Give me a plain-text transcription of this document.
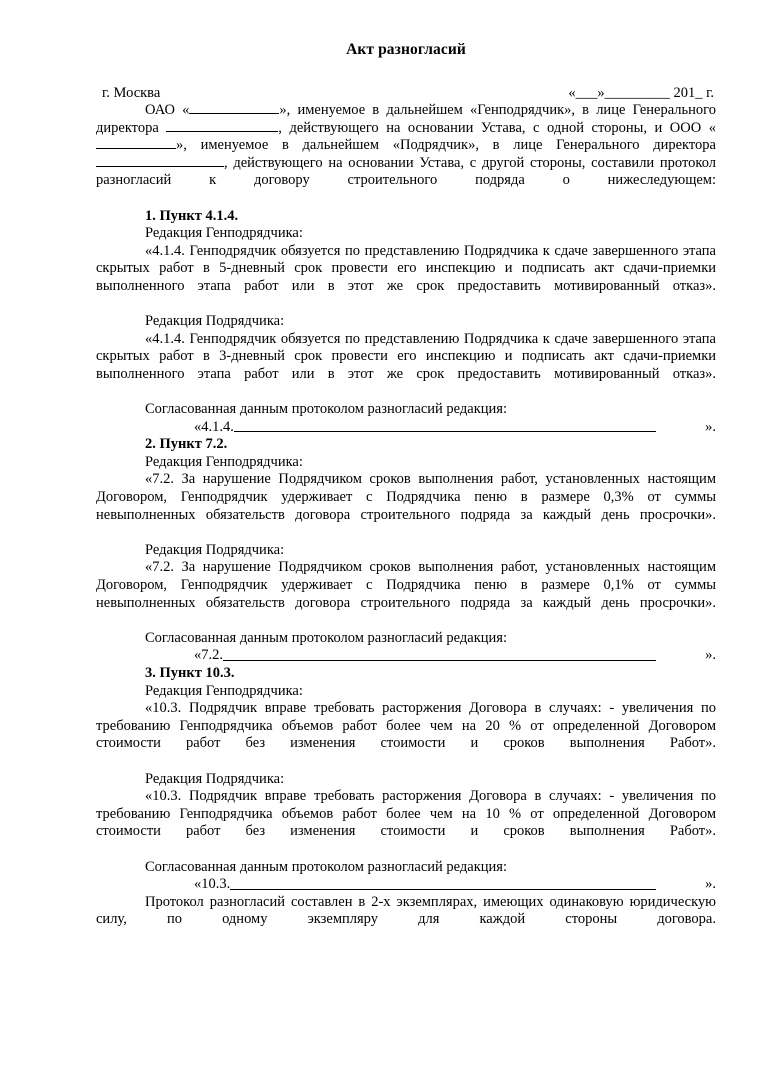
Акт разногласий
г. Москва	«___»_________ 201_ г.

ОАО «	», именуемое в дальнейшем «Генподрядчик», в лице Генерального директора	, действующего на основании Устава, с одной стороны, и ООО «», именуемое в дальнейшем «Подрядчик», в лице Генерального директора , действующего на основании Устава, с другой стороны, составили протокол разногласий к договору строительного подряда о нижеследующем:

1. Пункт 4.1.4.

Редакция Генподрядчика:

«4.1.4. Генподрядчик обязуется по представлению Подрядчика к сдаче завершенного этапа скрытых работ в 5-дневный срок провести его инспекцию и подписать акт сдачи-приемки выполненного этапа работ или в этот же срок предоставить мотивированный отказ».

Редакция Подрядчика:

«4.1.4. Генподрядчик обязуется по представлению Подрядчика к сдаче завершенного этапа скрытых работ в 3-дневный срок провести его инспекцию и подписать акт сдачи-приемки выполненного этапа работ или в этот же срок предоставить мотивированный отказ».

Согласованная данным протоколом разногласий редакция:

«4.1.4.	».

2. Пункт 7.2.

Редакция Генподрядчика:

«7.2. За нарушение Подрядчиком сроков выполнения работ, установленных настоящим Договором, Генподрядчик удерживает с Подрядчика пеню в размере 0,3% от суммы невыполненных обязательств договора строительного подряда за каждый день просрочки».

Редакция Подрядчика:

«7.2. За нарушение Подрядчиком сроков выполнения работ, установленных настоящим Договором, Генподрядчик удерживает с Подрядчика пеню в размере 0,1% от суммы невыполненных обязательств договора строительного подряда за каждый день просрочки».

Согласованная данным протоколом разногласий редакция:

«7.2.	».

3. Пункт 10.3.

Редакция Генподрядчика:

«10.3. Подрядчик вправе требовать расторжения Договора в случаях: - увеличения по требованию Генподрядчика объемов работ более чем на 20 % от определенной Договором стоимости работ без изменения стоимости и сроков выполнения Работ».

Редакция Подрядчика:

«10.3. Подрядчик вправе требовать расторжения Договора в случаях: - увеличения по требованию Генподрядчика объемов работ более чем на 10 % от определенной Договором стоимости работ без изменения стоимости и сроков выполнения Работ».

Согласованная данным протоколом разногласий редакция:

«10.3.	».

Протокол разногласий составлен в 2-х экземплярах, имеющих одинаковую юридическую силу, по одному экземпляру для каждой стороны договора.
